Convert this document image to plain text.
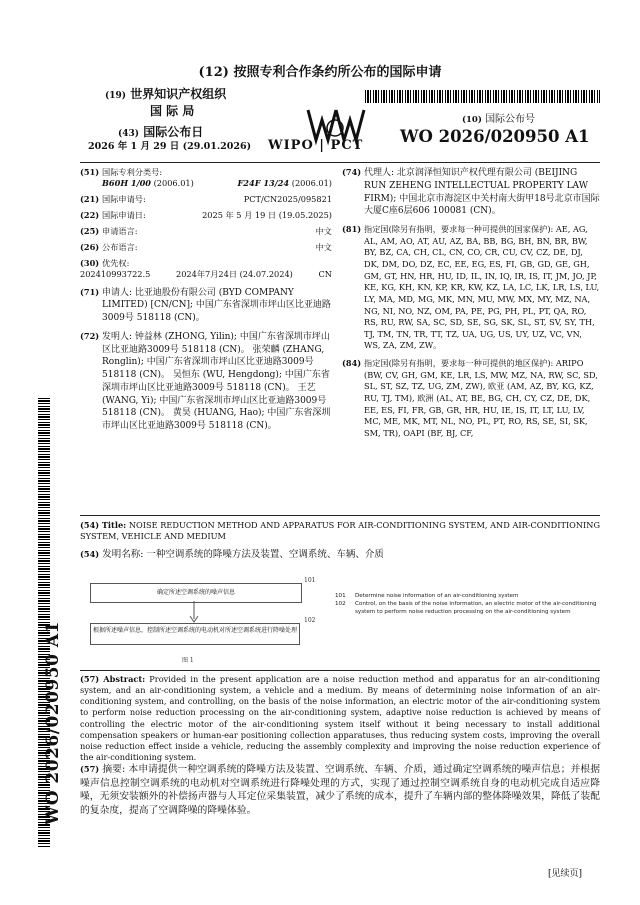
(12) 按照专利合作条约所公布的国际申请
(19) 世界知识产权组织
国 际 局
(43) 国际公布日
2026 年 1 月 29 日 (29.01.2026)	WIPO | PCT
(10) 国际公布号
WO 2026/020950 A1
(51) 国际专利分类号:
B60H 1/00 (2006.01)	F24F 13/24 (2006.01)
(21) 国际申请号:	PCT/CN2025/095821
(22) 国际申请日:	2025 年 5 月 19 日 (19.05.2025)
(25) 申请语言:	中文
(26) 公布语言:	中文
(30) 优先权:
202410993722.5	2024年7月24日 (24.07.2024)	CN
(71) 申请人: 比亚迪股份有限公司 (BYD COMPANY LIMITED) [CN/CN]; 中国广东省深圳市坪山区比亚迪路3009号 518118 (CN)。
(72) 发明人: 钟益林 (ZHONG, Yilin); 中国广东省深圳市坪山区比亚迪路3009号 518118 (CN)。 张荣麟 (ZHANG, Ronglin); 中国广东省深圳市坪山区比亚迪路3009号 518118 (CN)。 吴恒东 (WU, Hengdong); 中国广东省深圳市坪山区比亚迪路3009号 518118 (CN)。 王艺 (WANG, Yi); 中国广东省深圳市坪山区比亚迪路3009号 518118 (CN)。 黄昊 (HUANG, Hao); 中国广东省深圳市坪山区比亚迪路3009号 518118 (CN)。
(74) 代理人: 北京润泽恒知识产权代理有限公司 (BEIJING RUN ZEHENG INTELLECTUAL PROPERTY LAW FIRM); 中国北京市海淀区中关村南大街甲18号北京市国际大厦C座6层606 100081 (CN)。
(81) 指定国(除另有指明，要求每一种可提供的国家保护): AE, AG, AL, AM, AO, AT, AU, AZ, BA, BB, BG, BH, BN, BR, BW, BY, BZ, CA, CH, CL, CN, CO, CR, CU, CV, CZ, DE, DJ, DK, DM, DO, DZ, EC, EE, EG, ES, FI, GB, GD, GE, GH, GM, GT, HN, HR, HU, ID, IL, IN, IQ, IR, IS, IT, JM, JO, JP, KE, KG, KH, KN, KP, KR, KW, KZ, LA, LC, LK, LR, LS, LU, LY, MA, MD, MG, MK, MN, MU, MW, MX, MY, MZ, NA, NG, NI, NO, NZ, OM, PA, PE, PG, PH, PL, PT, QA, RO, RS, RU, RW, SA, SC, SD, SE, SG, SK, SL, ST, SV, SY, TH, TJ, TM, TN, TR, TT, TZ, UA, UG, US, UY, UZ, VC, VN, WS, ZA, ZM, ZW。
(84) 指定国(除另有指明，要求每一种可提供的地区保护): ARIPO (BW, CV, GH, GM, KE, LR, LS, MW, MZ, NA, RW, SC, SD, SL, ST, SZ, TZ, UG, ZM, ZW), 欧亚 (AM, AZ, BY, KG, KZ, RU, TJ, TM), 欧洲 (AL, AT, BE, BG, CH, CY, CZ, DE, DK, EE, ES, FI, FR, GB, GR, HR, HU, IE, IS, IT, LT, LU, LV, MC, ME, MK, MT, NL, NO, PL, PT, RO, RS, SE, SI, SK, SM, TR), OAPI (BF, BJ, CF,
(54) Title: NOISE REDUCTION METHOD AND APPARATUS FOR AIR-CONDITIONING SYSTEM, AND AIR-CONDITIONING SYSTEM, VEHICLE AND MEDIUM
(54) 发明名称: 一种空调系统的降噪方法及装置、空调系统、车辆、介质
确定所述空调系统的噪声信息
101
根据所述噪声信息，控制所述空调系统的电动机对所述空调系统进行降噪处理
102
图 1
101 Determine noise information of an air-conditioning system
102	Control, on the basis of the noise information, an electric motor of the air-conditioning system to perform noise reduction processing on the air-conditioning system
(57) Abstract: Provided in the present application are a noise reduction method and apparatus for an air-conditioning system, and an air-conditioning system, a vehicle and a medium. By means of determining noise information of an air-conditioning system, and controlling, on the basis of the noise information, an electric motor of the air-conditioning system to perform noise reduction processing on the air-conditioning system, adaptive noise reduction is achieved by means of controlling the electric motor of the air-conditioning system itself without it being necessary to install additional compensation speakers or human-ear positioning collection apparatuses, thus reducing system costs, improving the overall noise reduction effect inside a vehicle, reducing the assembly complexity and improving the noise reduction experience of the air-conditioning system.
(57) 摘要: 本申请提供一种空调系统的降噪方法及装置、空调系统、车辆、介质，通过确定空调系统的噪声信息；并根据噪声信息控制空调系统的电动机对空调系统进行降噪处理的方式，实现了通过控制空调系统自身的电动机完成自适应降噪，无须安装额外的补偿扬声器与人耳定位采集装置，减少了系统的成本，提升了车辆内部的整体降噪效果，降低了装配的复杂度，提高了空调降噪的降噪体验。
[见续页]
WO 2026/020950 A1
